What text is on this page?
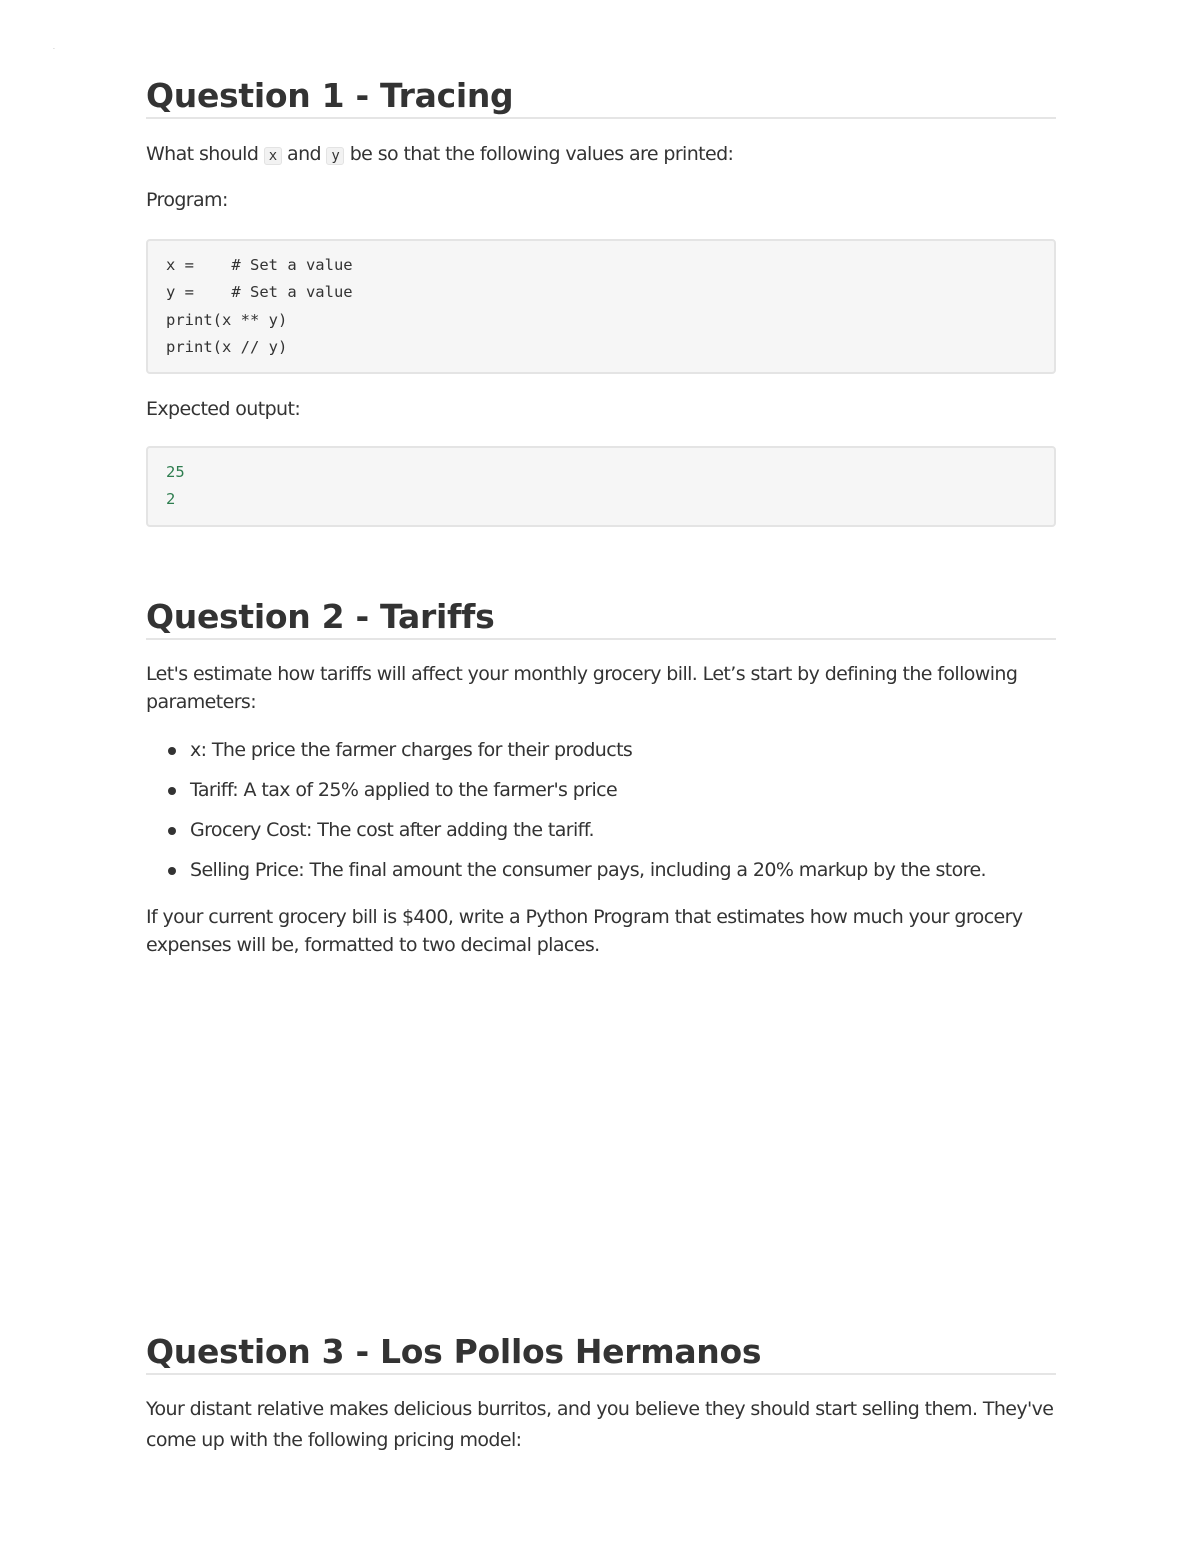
·
Question 1 - Tracing

What should x and y be so that the following values are printed:

Program:

x =    # Set a value
y =    # Set a value
print(x ** y)
print(x // y)

Expected output:

25
2
Question 2 - Tariffs

Let's estimate how tariffs will affect your monthly grocery bill. Let’s start by defining the following parameters:

x: The price the farmer charges for their products
Tariff: A tax of 25% applied to the farmer's price
Grocery Cost: The cost after adding the tariff.
Selling Price: The final amount the consumer pays, including a 20% markup by the store.

If your current grocery bill is $400, write a Python Program that estimates how much your grocery expenses will be, formatted to two decimal places.

Question 3 - Los Pollos Hermanos

Your distant relative makes delicious burritos, and you believe they should start selling them. They've come up with the following pricing model:
